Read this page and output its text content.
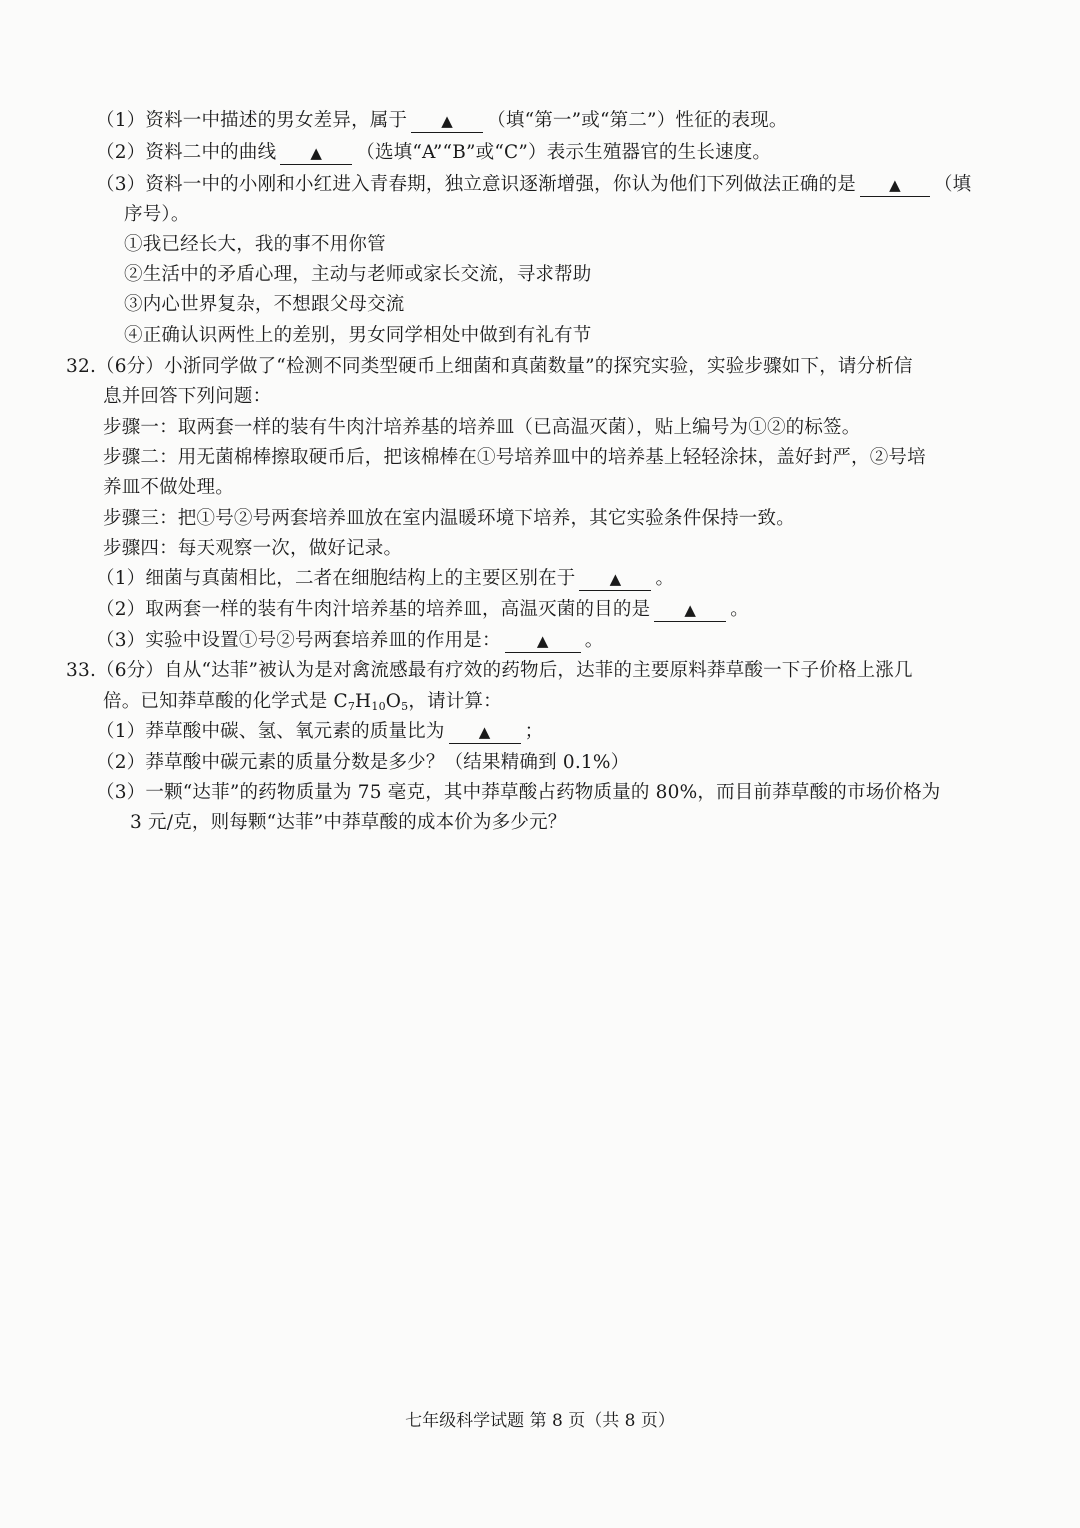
（1）资料一中描述的男女差异，属于 ▲ （填“第一”或“第二”）性征的表现。
（2）资料二中的曲线 ▲ （选填“A”“B”或“C”）表示生殖器官的生长速度。
（3）资料一中的小刚和小红进入青春期，独立意识逐渐增强，你认为他们下列做法正确的是 ▲ （填
序号）。
①我已经长大，我的事不用你管
②生活中的矛盾心理，主动与老师或家长交流，寻求帮助
③内心世界复杂，不想跟父母交流
④正确认识两性上的差别，男女同学相处中做到有礼有节
32.（6分）小浙同学做了“检测不同类型硬币上细菌和真菌数量”的探究实验，实验步骤如下，请分析信
息并回答下列问题：
步骤一：取两套一样的装有牛肉汁培养基的培养皿（已高温灭菌），贴上编号为①②的标签。
步骤二：用无菌棉棒擦取硬币后，把该棉棒在①号培养皿中的培养基上轻轻涂抹，盖好封严，②号培
养皿不做处理。
步骤三：把①号②号两套培养皿放在室内温暖环境下培养，其它实验条件保持一致。
步骤四：每天观察一次，做好记录。
（1）细菌与真菌相比，二者在细胞结构上的主要区别在于 ▲ 。
（2）取两套一样的装有牛肉汁培养基的培养皿，高温灭菌的目的是 ▲ 。
（3）实验中设置①号②号两套培养皿的作用是： ▲ 。
33.（6分）自从“达菲”被认为是对禽流感最有疗效的药物后，达菲的主要原料莽草酸一下子价格上涨几
倍。已知莽草酸的化学式是 $C_7H_{10}O_5$，请计算：
（1）莽草酸中碳、氢、氧元素的质量比为 ▲ ；
（2）莽草酸中碳元素的质量分数是多少？（结果精确到 0.1%）
（3）一颗“达菲”的药物质量为 75 毫克，其中莽草酸占药物质量的 80%，而目前莽草酸的市场价格为
3 元/克，则每颗“达菲”中莽草酸的成本价为多少元？
七年级科学试题 第 8 页（共 8 页）
